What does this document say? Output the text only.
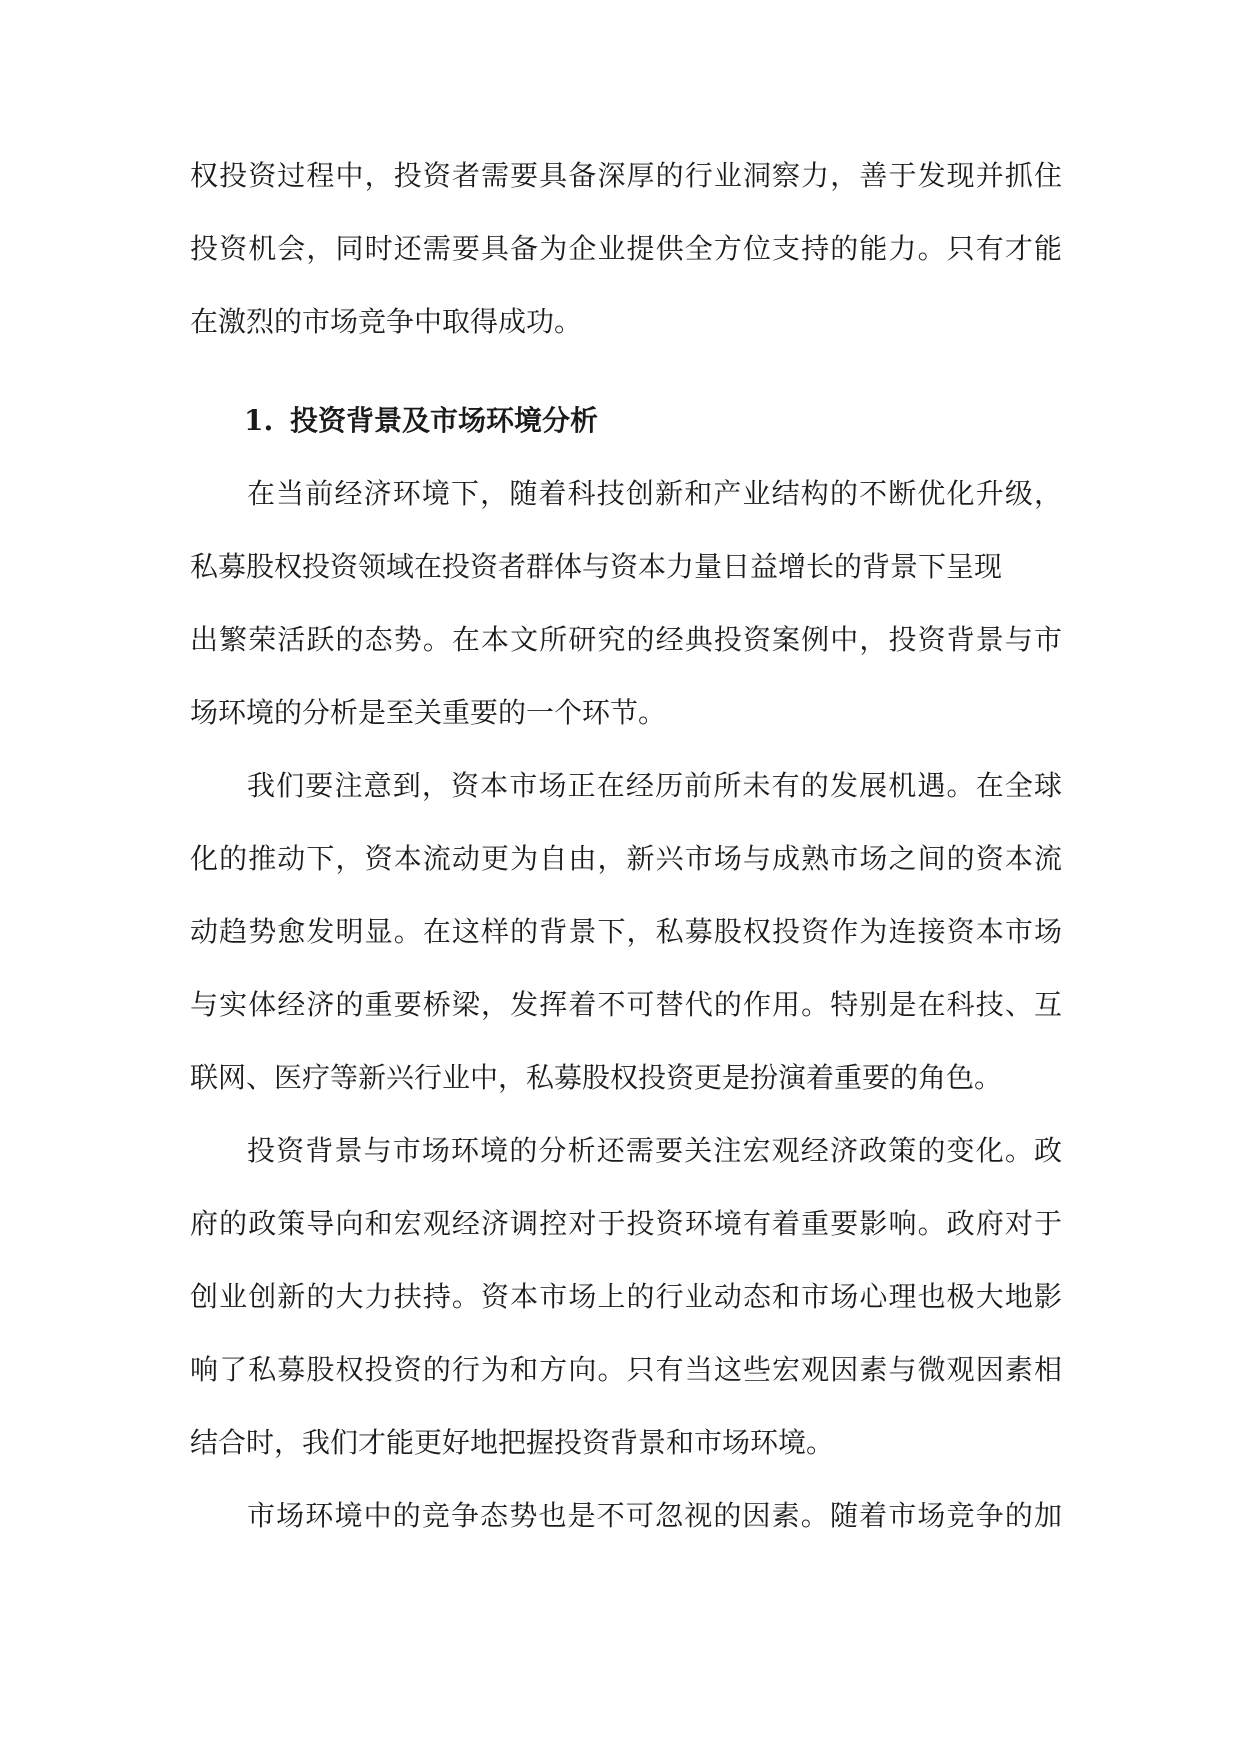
权投资过程中，投资者需要具备深厚的行业洞察力，善于发现并抓住
投资机会，同时还需要具备为企业提供全方位支持的能力。只有才能
在激烈的市场竞争中取得成功。
1. 投资背景及市场环境分析
在当前经济环境下，随着科技创新和产业结构的不断优化升级，
私募股权投资领域在投资者群体与资本力量日益增长的背景下呈现
出繁荣活跃的态势。在本文所研究的经典投资案例中，投资背景与市
场环境的分析是至关重要的一个环节。
我们要注意到，资本市场正在经历前所未有的发展机遇。在全球
化的推动下，资本流动更为自由，新兴市场与成熟市场之间的资本流
动趋势愈发明显。在这样的背景下，私募股权投资作为连接资本市场
与实体经济的重要桥梁，发挥着不可替代的作用。特别是在科技、互
联网、医疗等新兴行业中，私募股权投资更是扮演着重要的角色。
投资背景与市场环境的分析还需要关注宏观经济政策的变化。政
府的政策导向和宏观经济调控对于投资环境有着重要影响。政府对于
创业创新的大力扶持。资本市场上的行业动态和市场心理也极大地影
响了私募股权投资的行为和方向。只有当这些宏观因素与微观因素相
结合时，我们才能更好地把握投资背景和市场环境。
市场环境中的竞争态势也是不可忽视的因素。随着市场竞争的加
